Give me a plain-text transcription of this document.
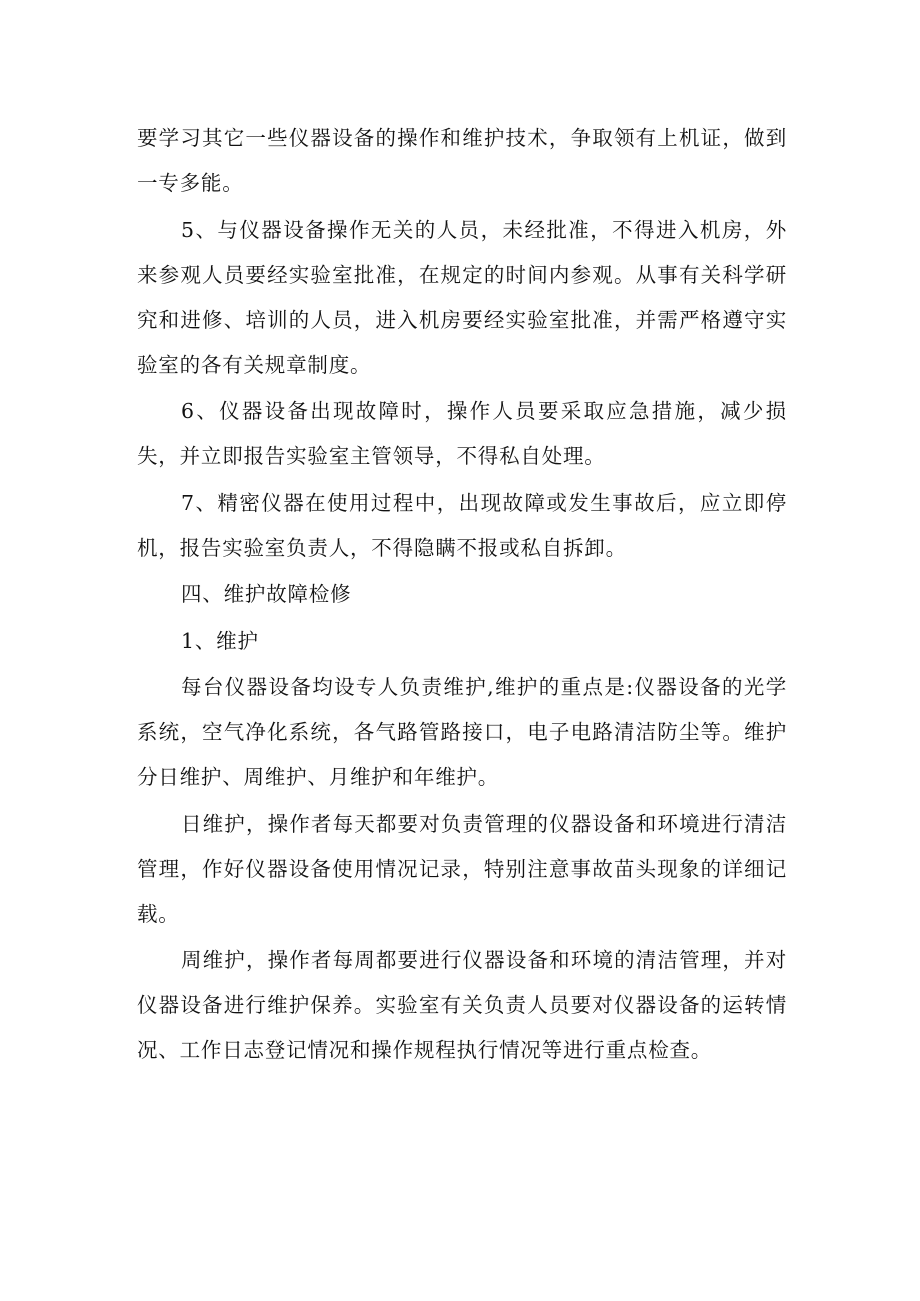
要学习其它一些仪器设备的操作和维护技术，争取领有上机证，做到一专多能。

5、与仪器设备操作无关的人员，未经批准，不得进入机房，外来参观人员要经实验室批准，在规定的时间内参观。从事有关科学研究和进修、培训的人员，进入机房要经实验室批准，并需严格遵守实验室的各有关规章制度。

6、仪器设备出现故障时，操作人员要采取应急措施，减少损失，并立即报告实验室主管领导，不得私自处理。

7、精密仪器在使用过程中，出现故障或发生事故后，应立即停机，报告实验室负责人，不得隐瞒不报或私自拆卸。

四、维护故障检修

1、维护

每台仪器设备均设专人负责维护,维护的重点是:仪器设备的光学系统，空气净化系统，各气路管路接口，电子电路清洁防尘等。维护分日维护、周维护、月维护和年维护。

日维护，操作者每天都要对负责管理的仪器设备和环境进行清洁管理，作好仪器设备使用情况记录，特别注意事故苗头现象的详细记载。

周维护，操作者每周都要进行仪器设备和环境的清洁管理，并对仪器设备进行维护保养。实验室有关负责人员要对仪器设备的运转情况、工作日志登记情况和操作规程执行情况等进行重点检查。
